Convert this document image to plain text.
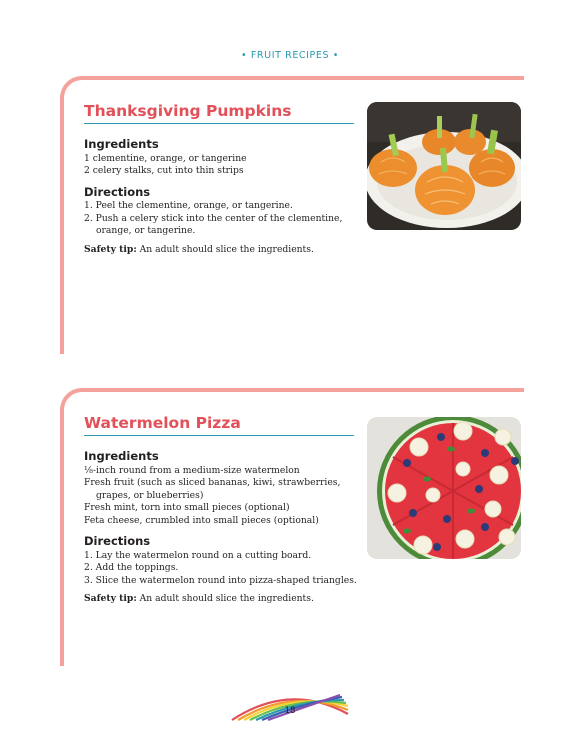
• FRUIT RECIPES •
Thanksgiving Pumpkins
Ingredients
1 clementine, orange, or tangerine
2 celery stalks, cut into thin strips
Directions
1. Peel the clementine, orange, or tangerine.
2. Push a celery stick into the center of the clementine,
orange, or tangerine.
Safety tip: An adult should slice the ingredients.
Watermelon Pizza
Ingredients
⅛-inch round from a medium-size watermelon
Fresh fruit (such as sliced bananas, kiwi, strawberries,
grapes, or blueberries)
Fresh mint, torn into small pieces (optional)
Feta cheese, crumbled into small pieces (optional)
Directions
1. Lay the watermelon round on a cutting board.
2. Add the toppings.
3. Slice the watermelon round into pizza-shaped triangles.
Safety tip: An adult should slice the ingredients.
18
